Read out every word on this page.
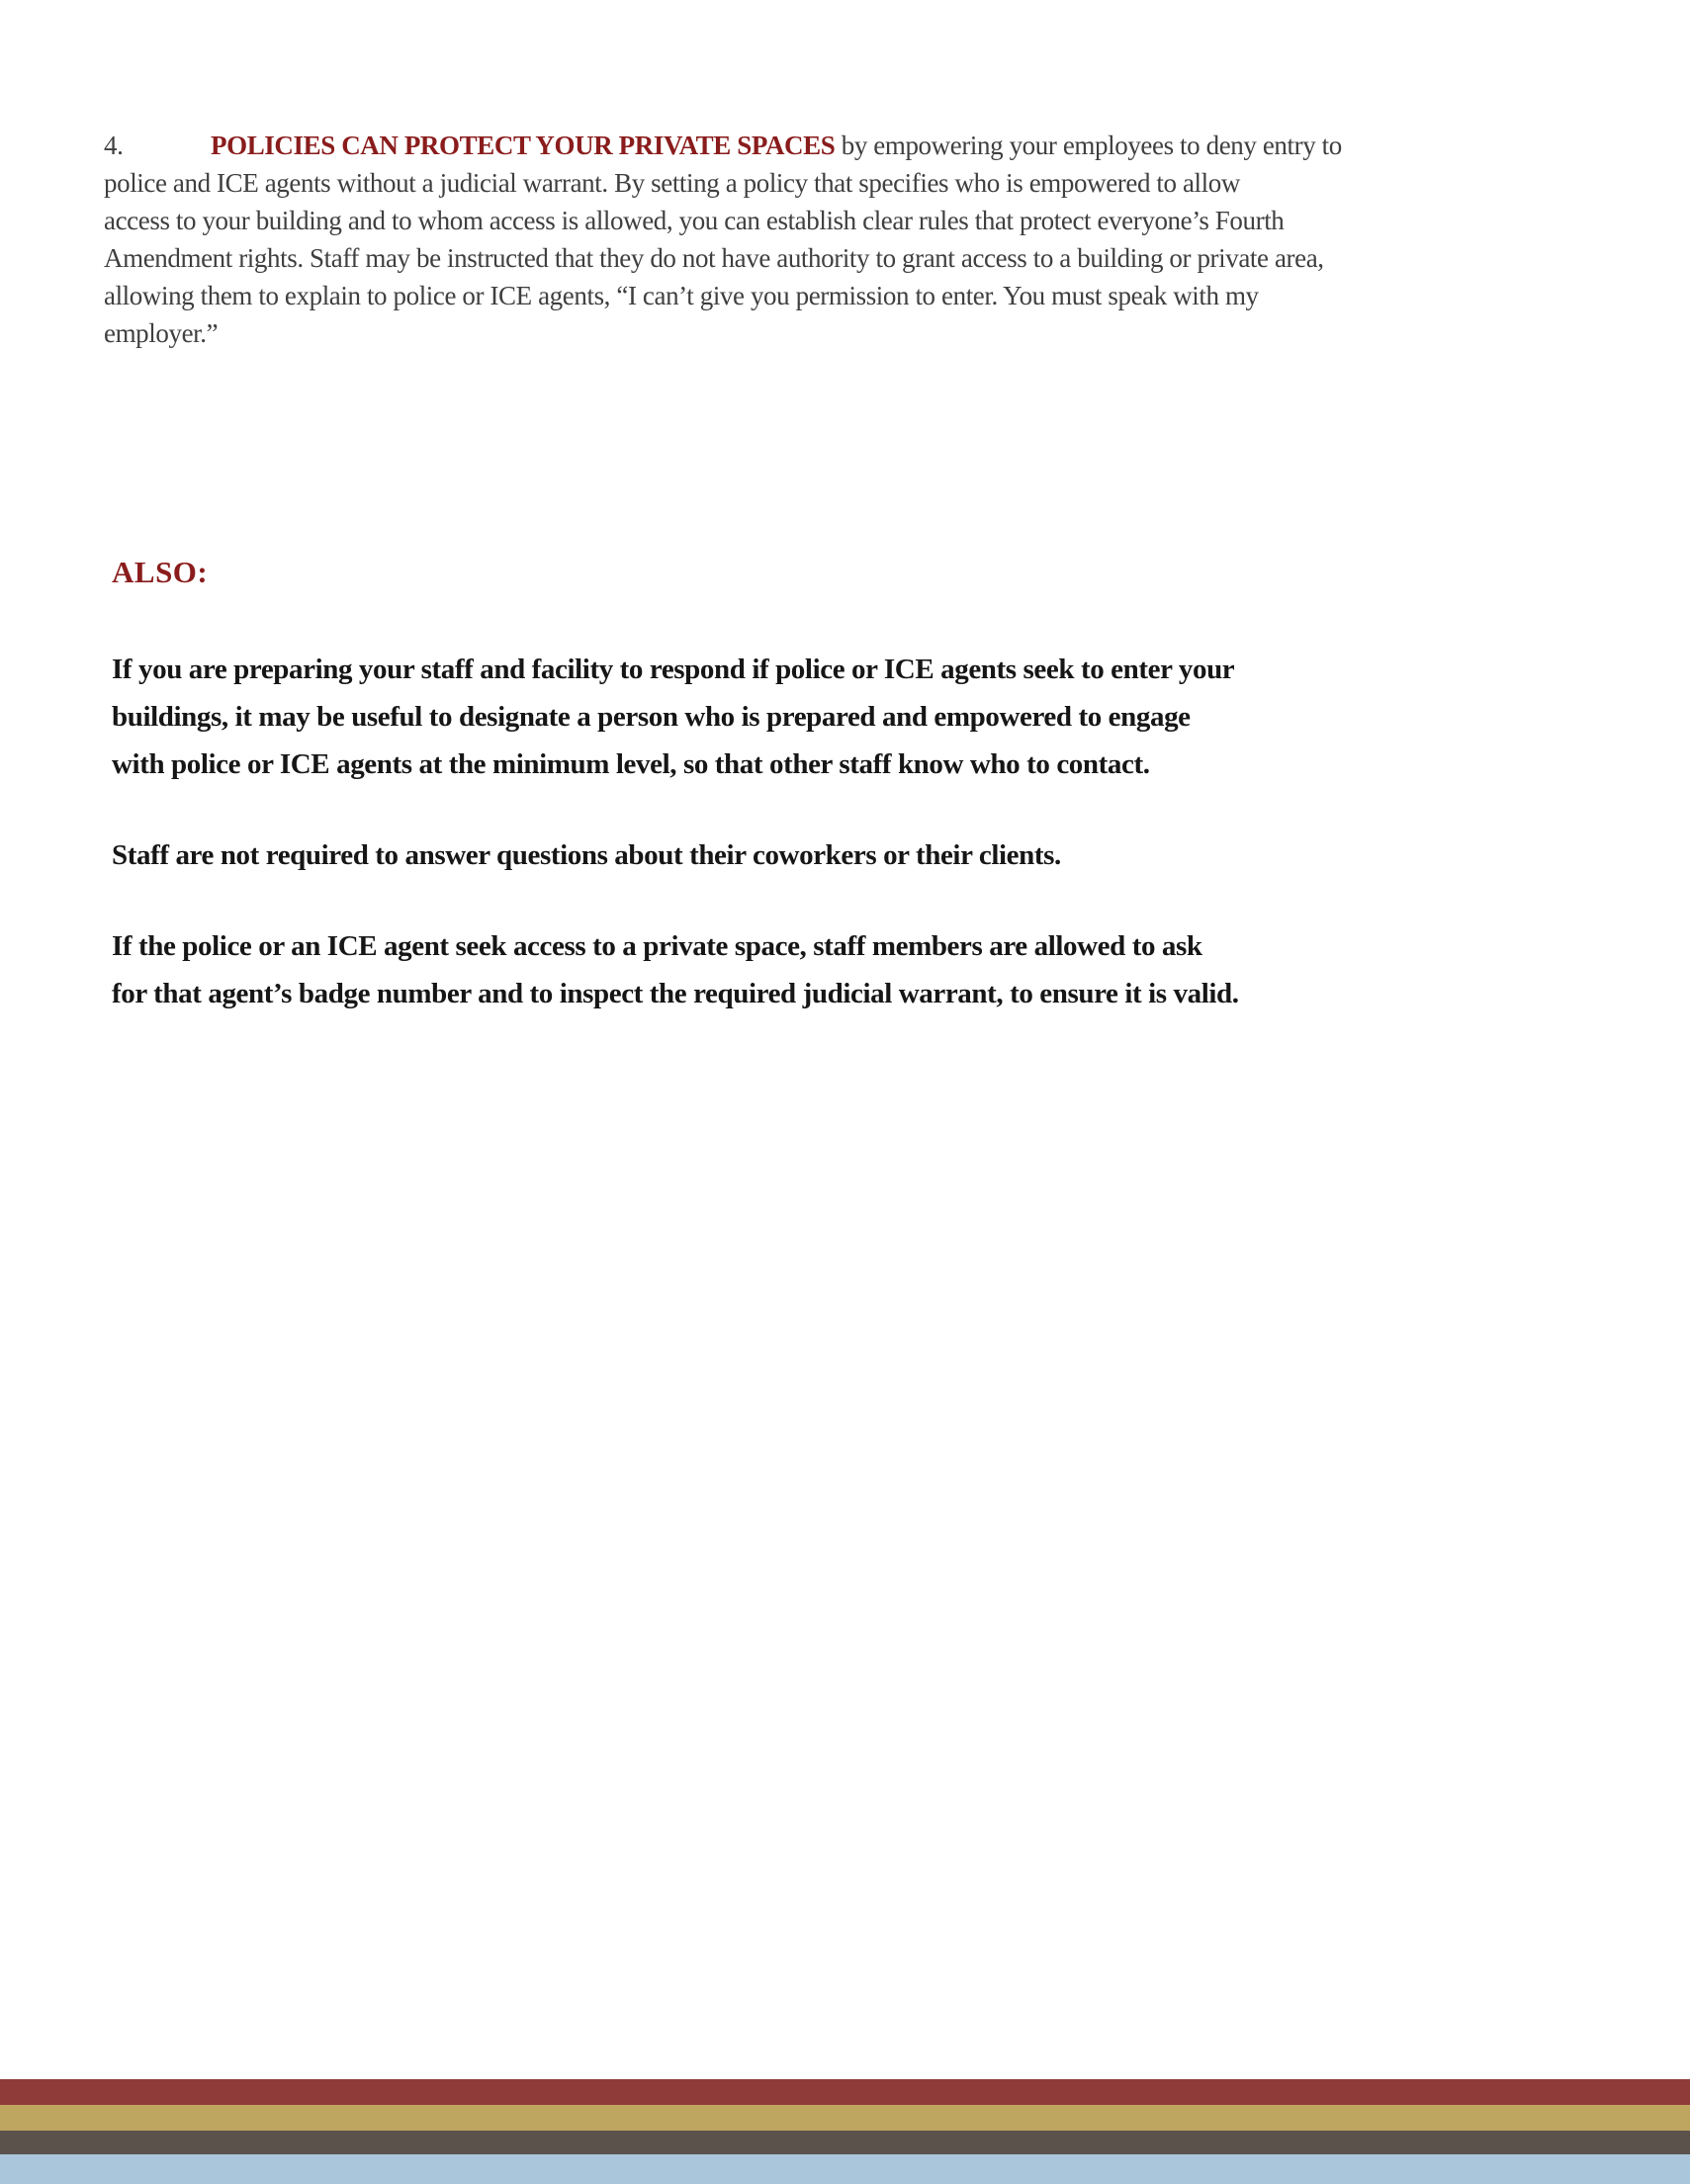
4.	POLICIES CAN PROTECT YOUR PRIVATE SPACES by empowering your employees to deny entry to
police and ICE agents without a judicial warrant. By setting a policy that specifies who is empowered to allow
access to your building and to whom access is allowed, you can establish clear rules that protect everyone’s Fourth
Amendment rights. Staff may be instructed that they do not have authority to grant access to a building or private area,
allowing them to explain to police or ICE agents, “I can’t give you permission to enter. You must speak with my
employer.”
ALSO:

If you are preparing your staff and facility to respond if police or ICE agents seek to enter your
buildings, it may be useful to designate a person who is prepared and empowered to engage
with police or ICE agents at the minimum level, so that other staff know who to contact.

Staff are not required to answer questions about their coworkers or their clients.

If the police or an ICE agent seek access to a private space, staff members are allowed to ask
for that agent’s badge number and to inspect the required judicial warrant, to ensure it is valid.
